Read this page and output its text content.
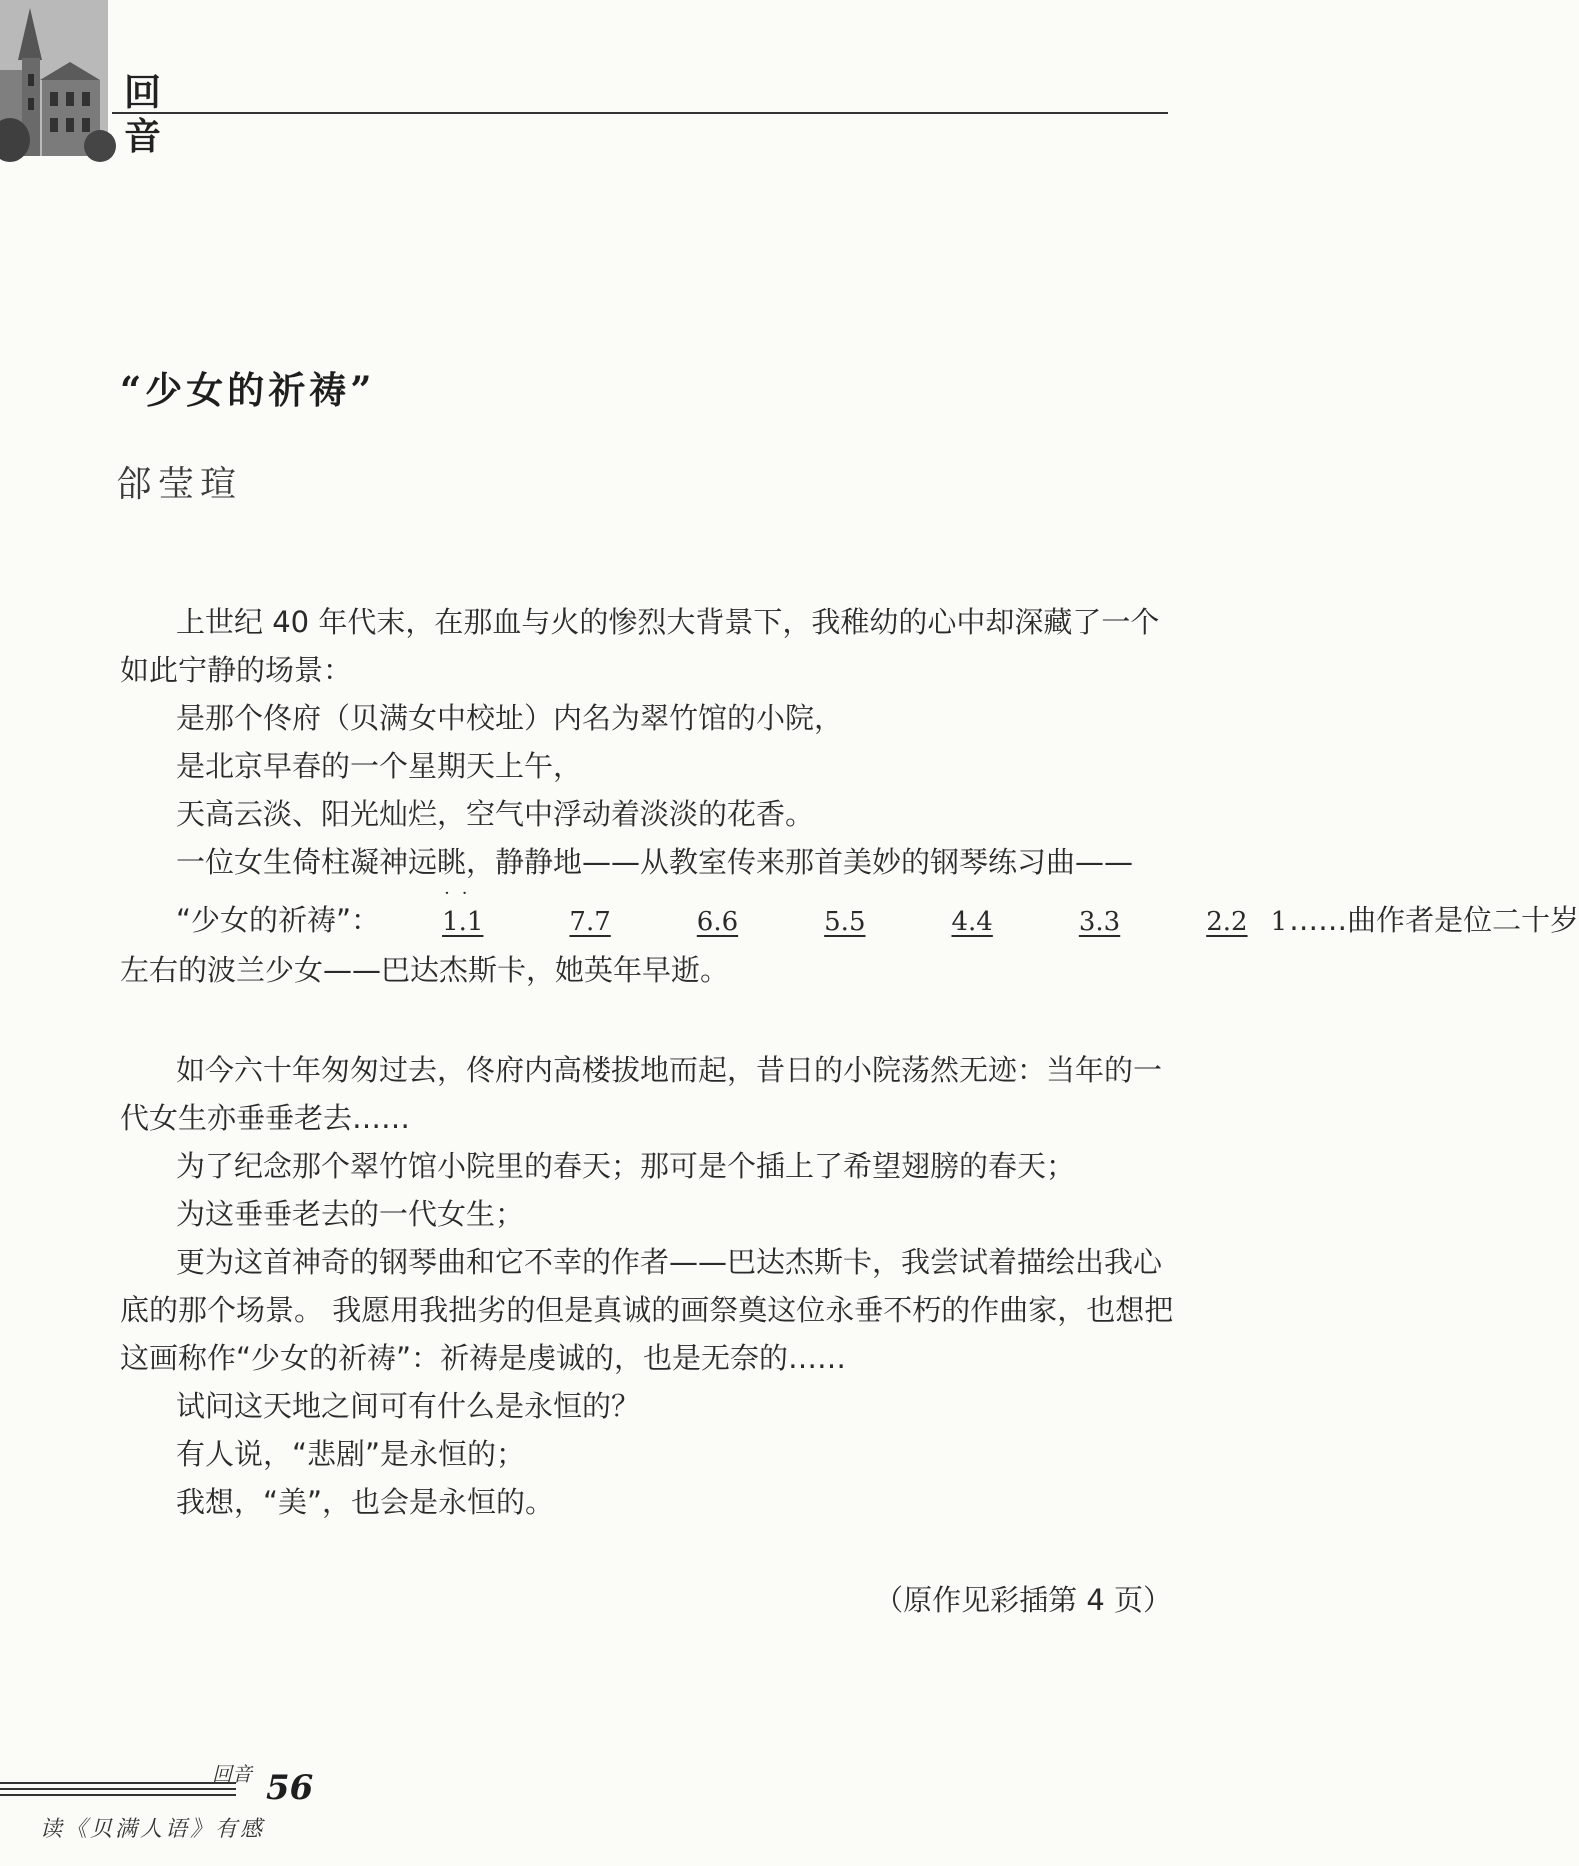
回
音
“少女的祈祷”
郃莹瑄

上世纪 40 年代末，在那血与火的惨烈大背景下，我稚幼的心中却深藏了一个如此宁静的场景：

是那个佟府（贝满女中校址）内名为翠竹馆的小院，

是北京早春的一个星期天上午，

天高云淡、阳光灿烂，空气中浮动着淡淡的花香。

一位女生倚柱凝神远眺，静静地——从教室传来那首美妙的钢琴练习曲——

“少女的祈祷”：
··
1.1	7.7	6.6	5.5	4.4	3.3	2.2 1……曲作者是位二十岁

左右的波兰少女——巴达杰斯卡，她英年早逝。

如今六十年匆匆过去，佟府内高楼拔地而起，昔日的小院荡然无迹：当年的一代女生亦垂垂老去……

为了纪念那个翠竹馆小院里的春天；那可是个插上了希望翅膀的春天；

为这垂垂老去的一代女生；

更为这首神奇的钢琴曲和它不幸的作者——巴达杰斯卡，我尝试着描绘出我心底的那个场景。 我愿用我拙劣的但是真诚的画祭奠这位永垂不朽的作曲家，也想把这画称作“少女的祈祷”：祈祷是虔诚的，也是无奈的……

试问这天地之间可有什么是永恒的？

有人说，“悲剧”是永恒的；

我想，“美”，也会是永恒的。

（原作见彩插第 4 页）
回音 56
读《贝满人语》有感
